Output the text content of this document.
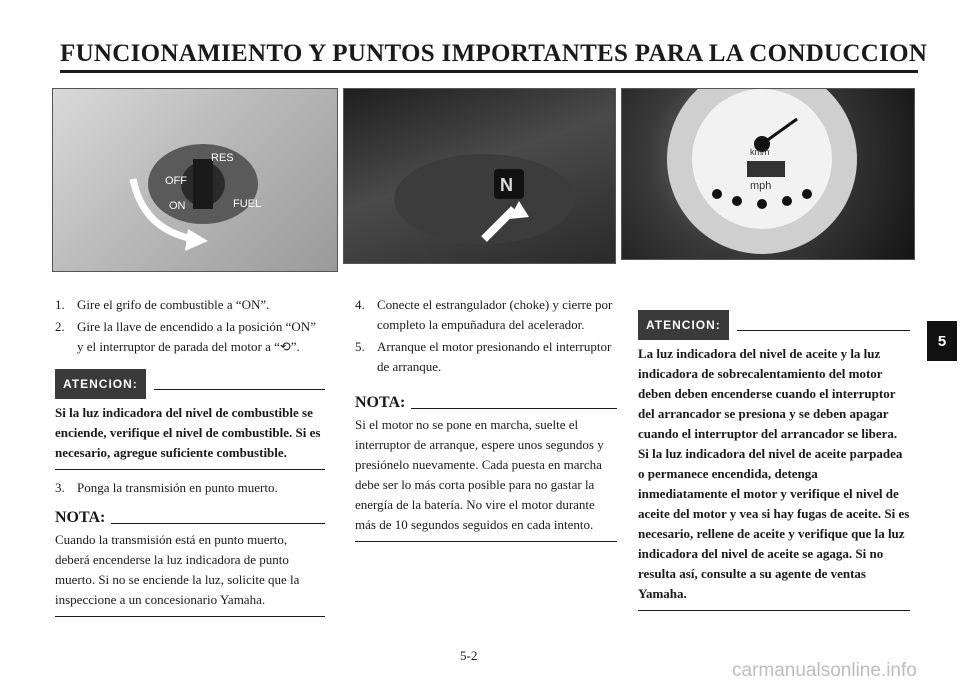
FUNCIONAMIENTO Y PUNTOS IMPORTANTES PARA LA CONDUCCION
RES
OFF
ON	FUEL
N
km/h
mph
1. Gire el grifo de combustible a “ON”.
2. Gire la llave de encendido a la posición “ON” y el interruptor de parada del motor a “⟲”.
ATENCION:
Si la luz indicadora del nivel de combustible se enciende, verifique el nivel de combustible. Si es necesario, agregue suficiente combustible.
3. Ponga la transmisión en punto muerto.
NOTA:
Cuando la transmisión está en punto muerto, deberá encenderse la luz indicadora de punto muerto. Si no se enciende la luz, solicite que la inspeccione a un concesionario Yamaha.
4. Conecte el estrangulador (choke) y cierre por completo la empuñadura del acelerador.
5. Arranque el motor presionando el interruptor de arranque.
NOTA:
Si el motor no se pone en marcha, suelte el interruptor de arranque, espere unos segundos y presiónelo nuevamente. Cada puesta en marcha debe ser lo más corta posible para no gastar la energía de la batería. No vire el motor durante más de 10 segundos seguidos en cada intento.
ATENCION:
La luz indicadora del nivel de aceite y la luz indicadora de sobrecalentamiento del motor deben deben encenderse cuando el interruptor del arrancador se presiona y se deben apagar cuando el interruptor del arrancador se libera. Si la luz indicadora del nivel de aceite parpadea o permanece encendida, detenga inmediatamente el motor y verifique el nivel de aceite del motor y vea si hay fugas de aceite. Si es necesario, rellene de aceite y verifique que la luz indicadora del nivel de aceite se agaga. Si no resulta así, consulte a su agente de ventas Yamaha.
5
5-2
carmanualsonline.info
